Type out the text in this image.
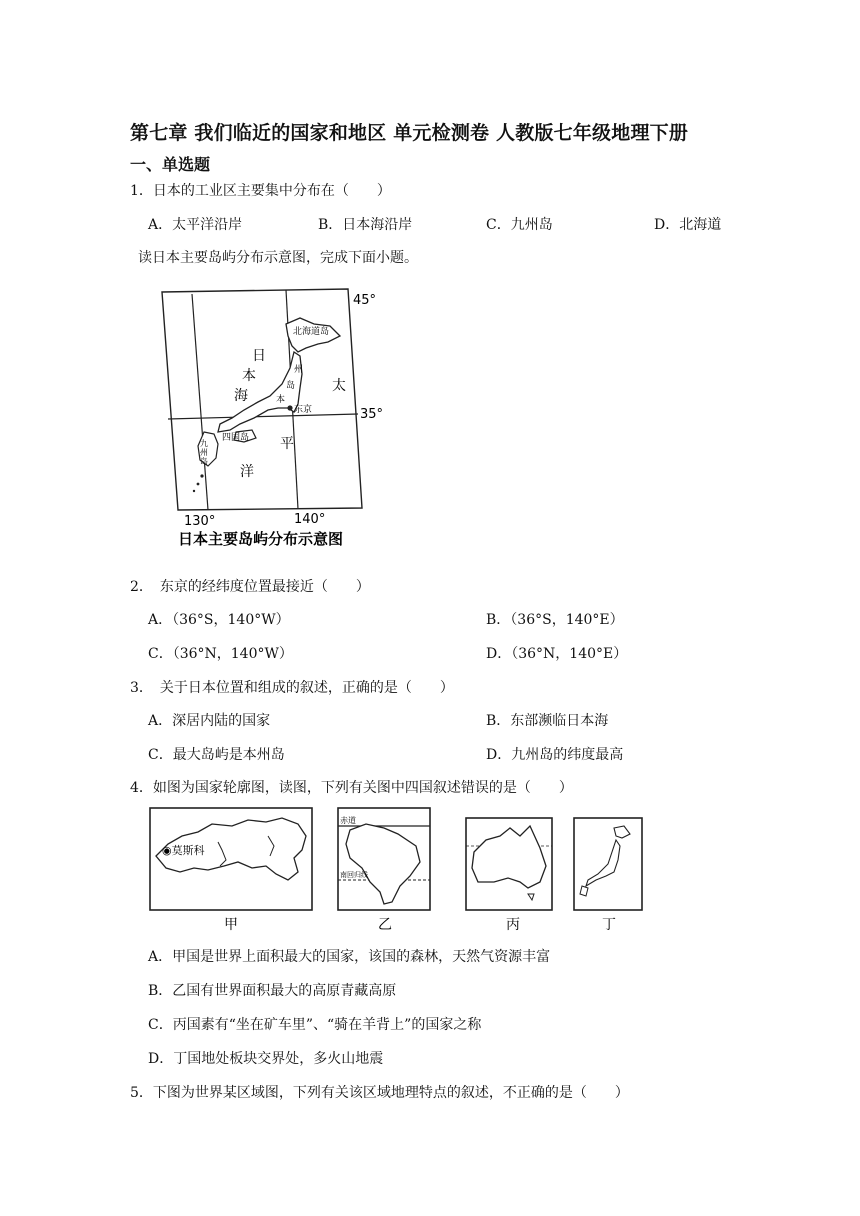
第七章 我们临近的国家和地区 单元检测卷 人教版七年级地理下册
一、单选题
1．日本的工业区主要集中分布在（　　）
A．太平洋沿岸	B．日本海沿岸	C．九州岛	D．北海道
读日本主要岛屿分布示意图，完成下面小题。
45°
35°
130°	140°
日
本
海
太
平
洋
州
岛
本
北海道岛
东京
四国岛
九
州
岛
日本主要岛屿分布示意图
2．　东京的经纬度位置最接近（　　）
A．（36°S，140°W）	B．（36°S，140°E）
C．（36°N，140°W）	D．（36°N，140°E）
3．　关于日本位置和组成的叙述，正确的是（　　）
A．深居内陆的国家	B．东部濒临日本海
C．最大岛屿是本州岛	D．九州岛的纬度最高
4．如图为国家轮廓图，读图，下列有关图中四国叙述错误的是（　　）
◉莫斯科
甲
赤道
南回归线
乙	丙	丁
A．甲国是世界上面积最大的国家，该国的森林，天然气资源丰富
B．乙国有世界面积最大的高原青藏高原
C．丙国素有“坐在矿车里”、“骑在羊背上”的国家之称
D．丁国地处板块交界处，多火山地震
5．下图为世界某区域图，下列有关该区域地理特点的叙述，不正确的是（　　）
